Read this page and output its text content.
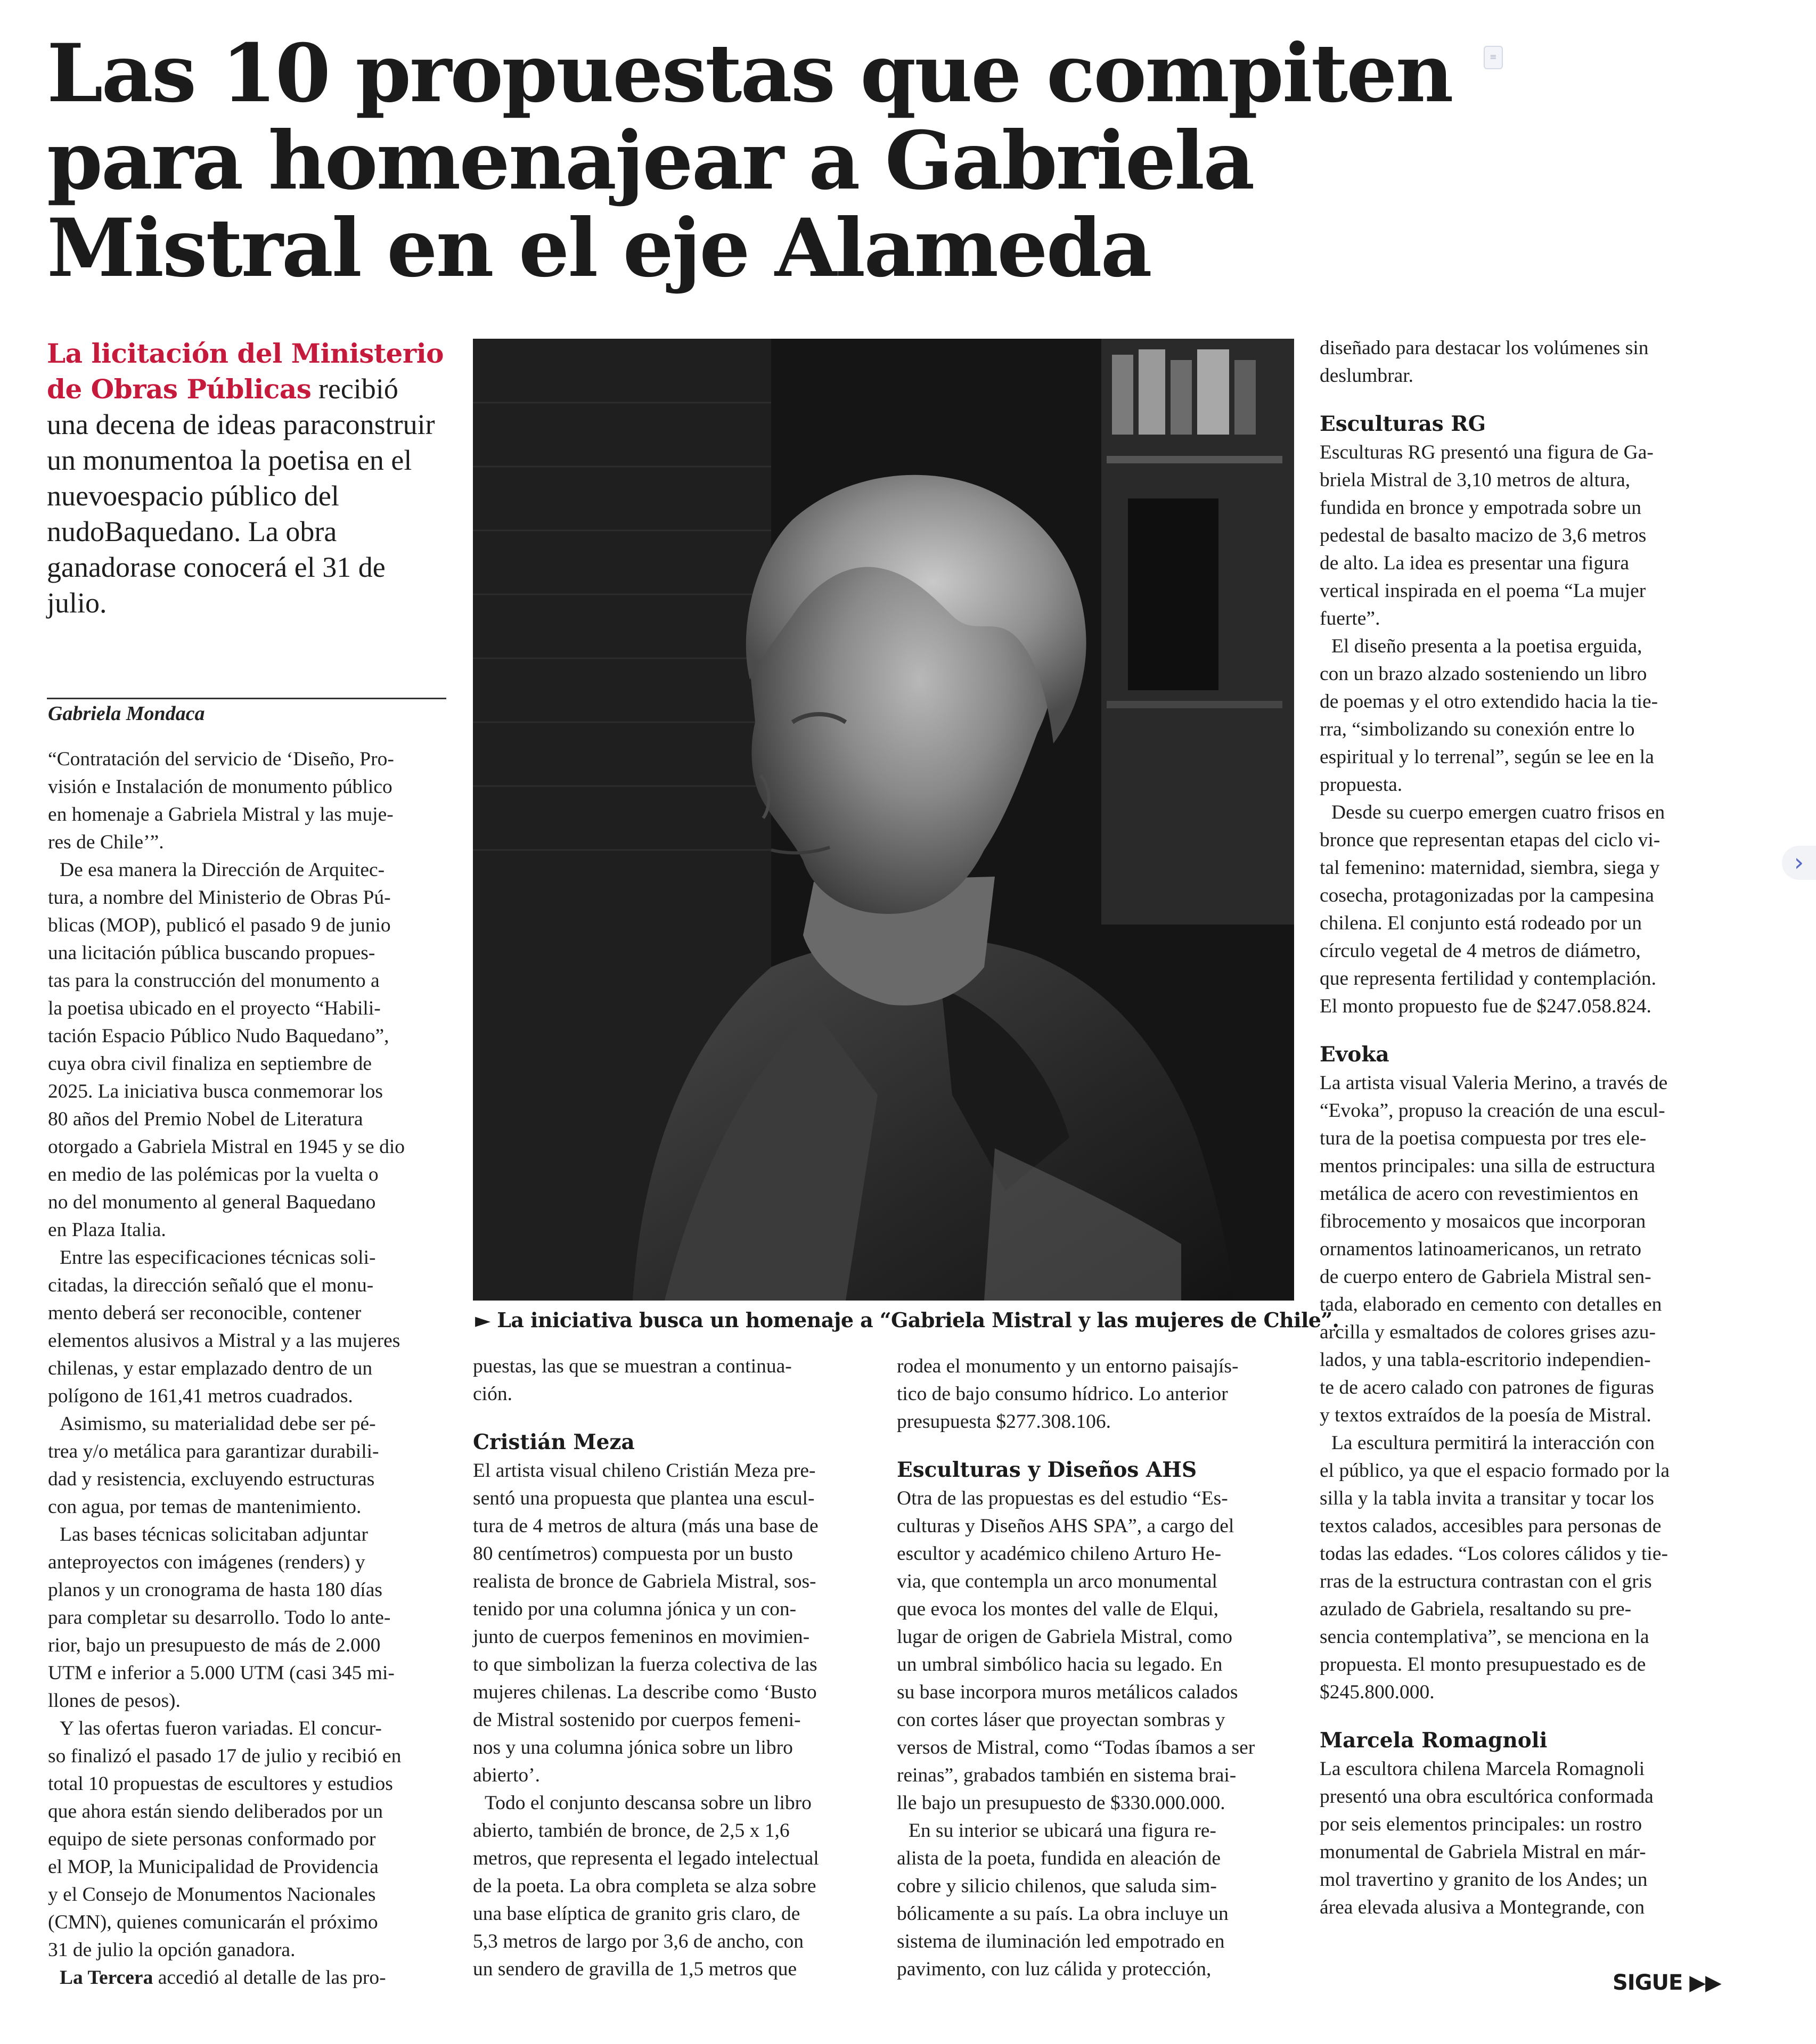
Las 10 propuestas que compiten
para homenajear a Gabriela
Mistral en el eje Alameda
≡
›
La licitación del Ministerio
de Obras Públicas recibió
una decena de ideas paraconstruir un monumentoa la poetisa en el nuevoespacio público del nudoBaquedano. La obra ganadorase conocerá el 31 de julio.
Gabriela Mondaca
“Contratación del servicio de ‘Diseño, Pro-
visión e Instalación de monumento público
en homenaje a Gabriela Mistral y las muje-
res de Chile’”.
De esa manera la Dirección de Arquitec-
tura, a nombre del Ministerio de Obras Pú-
blicas (MOP), publicó el pasado 9 de junio
una licitación pública buscando propues-
tas para la construcción del monumento a
la poetisa ubicado en el proyecto “Habili-
tación Espacio Público Nudo Baquedano”,
cuya obra civil finaliza en septiembre de
2025. La iniciativa busca conmemorar los
80 años del Premio Nobel de Literatura
otorgado a Gabriela Mistral en 1945 y se dio
en medio de las polémicas por la vuelta o
no del monumento al general Baquedano
en Plaza Italia.
Entre las especificaciones técnicas soli-
citadas, la dirección señaló que el monu-
mento deberá ser reconocible, contener
elementos alusivos a Mistral y a las mujeres
chilenas, y estar emplazado dentro de un
polígono de 161,41 metros cuadrados.
Asimismo, su materialidad debe ser pé-
trea y/o metálica para garantizar durabili-
dad y resistencia, excluyendo estructuras
con agua, por temas de mantenimiento.
Las bases técnicas solicitaban adjuntar
anteproyectos con imágenes (renders) y
planos y un cronograma de hasta 180 días
para completar su desarrollo. Todo lo ante-
rior, bajo un presupuesto de más de 2.000
UTM e inferior a 5.000 UTM (casi 345 mi-
llones de pesos).
Y las ofertas fueron variadas. El concur-
so finalizó el pasado 17 de julio y recibió en
total 10 propuestas de escultores y estudios
que ahora están siendo deliberados por un
equipo de siete personas conformado por
el MOP, la Municipalidad de Providencia
y el Consejo de Monumentos Nacionales
(CMN), quienes comunicarán el próximo
31 de julio la opción ganadora.
La Tercera accedió al detalle de las pro-
► La iniciativa busca un homenaje a “Gabriela Mistral y las mujeres de Chile”.
puestas, las que se muestran a continua-
ción.
Cristián Meza
El artista visual chileno Cristián Meza pre-
sentó una propuesta que plantea una escul-
tura de 4 metros de altura (más una base de
80 centímetros) compuesta por un busto
realista de bronce de Gabriela Mistral, sos-
tenido por una columna jónica y un con-
junto de cuerpos femeninos en movimien-
to que simbolizan la fuerza colectiva de las
mujeres chilenas. La describe como ‘Busto
de Mistral sostenido por cuerpos femeni-
nos y una columna jónica sobre un libro
abierto’.
Todo el conjunto descansa sobre un libro
abierto, también de bronce, de 2,5 x 1,6
metros, que representa el legado intelectual
de la poeta. La obra completa se alza sobre
una base elíptica de granito gris claro, de
5,3 metros de largo por 3,6 de ancho, con
un sendero de gravilla de 1,5 metros que
rodea el monumento y un entorno paisajís-
tico de bajo consumo hídrico. Lo anterior
presupuesta $277.308.106.
Esculturas y Diseños AHS
Otra de las propuestas es del estudio “Es-
culturas y Diseños AHS SPA”, a cargo del
escultor y académico chileno Arturo He-
via, que contempla un arco monumental
que evoca los montes del valle de Elqui,
lugar de origen de Gabriela Mistral, como
un umbral simbólico hacia su legado. En
su base incorpora muros metálicos calados
con cortes láser que proyectan sombras y
versos de Mistral, como “Todas íbamos a ser
reinas”, grabados también en sistema brai-
lle bajo un presupuesto de $330.000.000.
En su interior se ubicará una figura re-
alista de la poeta, fundida en aleación de
cobre y silicio chilenos, que saluda sim-
bólicamente a su país. La obra incluye un
sistema de iluminación led empotrado en
pavimento, con luz cálida y protección,
diseñado para destacar los volúmenes sin
deslumbrar.
Esculturas RG
Esculturas RG presentó una figura de Ga-
briela Mistral de 3,10 metros de altura,
fundida en bronce y empotrada sobre un
pedestal de basalto macizo de 3,6 metros
de alto. La idea es presentar una figura
vertical inspirada en el poema “La mujer
fuerte”.
El diseño presenta a la poetisa erguida,
con un brazo alzado sosteniendo un libro
de poemas y el otro extendido hacia la tie-
rra, “simbolizando su conexión entre lo
espiritual y lo terrenal”, según se lee en la
propuesta.
Desde su cuerpo emergen cuatro frisos en
bronce que representan etapas del ciclo vi-
tal femenino: maternidad, siembra, siega y
cosecha, protagonizadas por la campesina
chilena. El conjunto está rodeado por un
círculo vegetal de 4 metros de diámetro,
que representa fertilidad y contemplación.
El monto propuesto fue de $247.058.824.
Evoka
La artista visual Valeria Merino, a través de
“Evoka”, propuso la creación de una escul-
tura de la poetisa compuesta por tres ele-
mentos principales: una silla de estructura
metálica de acero con revestimientos en
fibrocemento y mosaicos que incorporan
ornamentos latinoamericanos, un retrato
de cuerpo entero de Gabriela Mistral sen-
tada, elaborado en cemento con detalles en
arcilla y esmaltados de colores grises azu-
lados, y una tabla-escritorio independien-
te de acero calado con patrones de figuras
y textos extraídos de la poesía de Mistral.
La escultura permitirá la interacción con
el público, ya que el espacio formado por la
silla y la tabla invita a transitar y tocar los
textos calados, accesibles para personas de
todas las edades. “Los colores cálidos y tie-
rras de la estructura contrastan con el gris
azulado de Gabriela, resaltando su pre-
sencia contemplativa”, se menciona en la
propuesta. El monto presupuestado es de
$245.800.000.
Marcela Romagnoli
La escultora chilena Marcela Romagnoli
presentó una obra escultórica conformada
por seis elementos principales: un rostro
monumental de Gabriela Mistral en már-
mol travertino y granito de los Andes; un
área elevada alusiva a Montegrande, con
SIGUE ▶▶
